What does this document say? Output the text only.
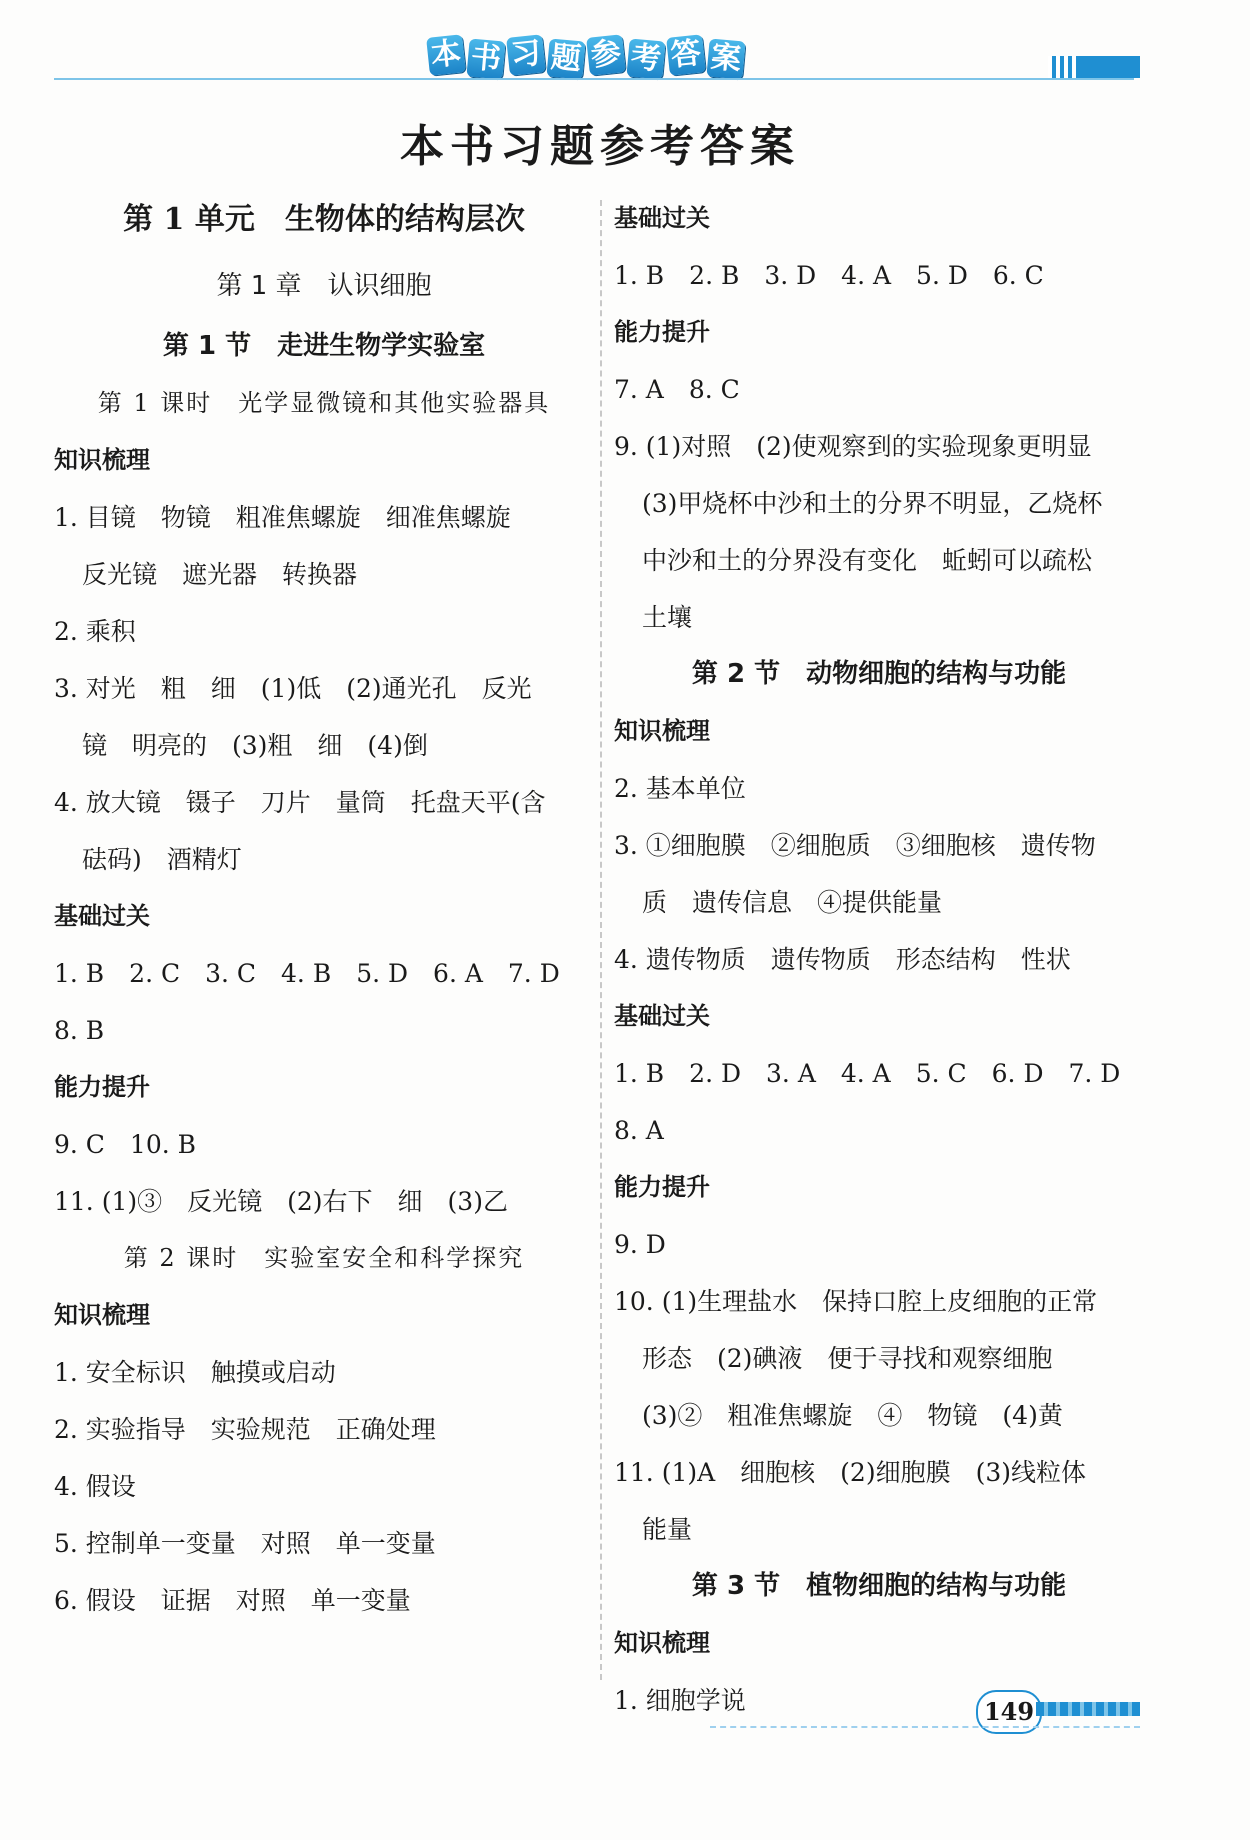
本 书 习 题 参 考 答 案
本书习题参考答案
第 1 单元　生物体的结构层次
第 1 章　认识细胞
第 1 节　走进生物学实验室
第 1 课时　光学显微镜和其他实验器具
知识梳理
1. 目镜　物镜　粗准焦螺旋　细准焦螺旋
反光镜　遮光器　转换器
2. 乘积
3. 对光　粗　细　(1)低　(2)通光孔　反光
镜　明亮的　(3)粗　细　(4)倒
4. 放大镜　镊子　刀片　量筒　托盘天平(含
砝码)　酒精灯
基础过关
1. B　2. C　3. C　4. B　5. D　6. A　7. D
8. B
能力提升
9. C　10. B
11. (1)③　反光镜　(2)右下　细　(3)乙
第 2 课时　实验室安全和科学探究
知识梳理
1. 安全标识　触摸或启动
2. 实验指导　实验规范　正确处理
4. 假设
5. 控制单一变量　对照　单一变量
6. 假设　证据　对照　单一变量
基础过关
1. B　2. B　3. D　4. A　5. D　6. C
能力提升
7. A　8. C
9. (1)对照　(2)使观察到的实验现象更明显
(3)甲烧杯中沙和土的分界不明显，乙烧杯
中沙和土的分界没有变化　蚯蚓可以疏松
土壤
第 2 节　动物细胞的结构与功能
知识梳理
2. 基本单位
3. ①细胞膜　②细胞质　③细胞核　遗传物
质　遗传信息　④提供能量
4. 遗传物质　遗传物质　形态结构　性状
基础过关
1. B　2. D　3. A　4. A　5. C　6. D　7. D
8. A
能力提升
9. D
10. (1)生理盐水　保持口腔上皮细胞的正常
形态　(2)碘液　便于寻找和观察细胞
(3)②　粗准焦螺旋　④　物镜　(4)黄
11. (1)A　细胞核　(2)细胞膜　(3)线粒体
能量
第 3 节　植物细胞的结构与功能
知识梳理
1. 细胞学说	149
